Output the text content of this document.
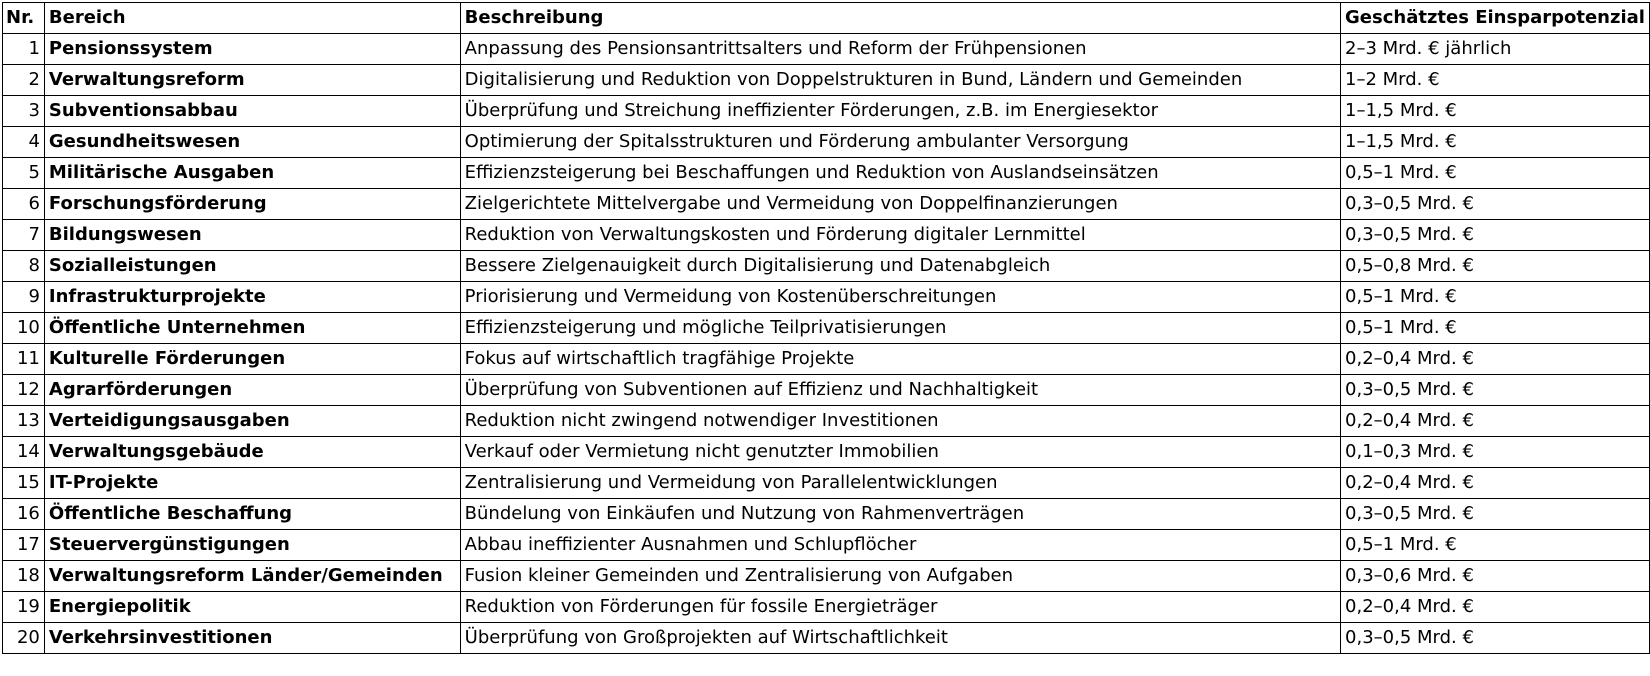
Nr.	Bereich	Beschreibung	Geschätztes Einsparpotenzial
1	Pensionssystem	Anpassung des Pensionsantrittsalters und Reform der Frühpensionen	2–3 Mrd. € jährlich
2	Verwaltungsreform	Digitalisierung und Reduktion von Doppelstrukturen in Bund, Ländern und Gemeinden	1–2 Mrd. €
3	Subventionsabbau	Überprüfung und Streichung ineffizienter Förderungen, z.B. im Energiesektor	1–1,5 Mrd. €
4	Gesundheitswesen	Optimierung der Spitalsstrukturen und Förderung ambulanter Versorgung	1–1,5 Mrd. €
5	Militärische Ausgaben	Effizienzsteigerung bei Beschaffungen und Reduktion von Auslandseinsätzen	0,5–1 Mrd. €
6	Forschungsförderung	Zielgerichtete Mittelvergabe und Vermeidung von Doppelfinanzierungen	0,3–0,5 Mrd. €
7	Bildungswesen	Reduktion von Verwaltungskosten und Förderung digitaler Lernmittel	0,3–0,5 Mrd. €
8	Sozialleistungen	Bessere Zielgenauigkeit durch Digitalisierung und Datenabgleich	0,5–0,8 Mrd. €
9	Infrastrukturprojekte	Priorisierung und Vermeidung von Kostenüberschreitungen	0,5–1 Mrd. €
10	Öffentliche Unternehmen	Effizienzsteigerung und mögliche Teilprivatisierungen	0,5–1 Mrd. €
11	Kulturelle Förderungen	Fokus auf wirtschaftlich tragfähige Projekte	0,2–0,4 Mrd. €
12	Agrarförderungen	Überprüfung von Subventionen auf Effizienz und Nachhaltigkeit	0,3–0,5 Mrd. €
13	Verteidigungsausgaben	Reduktion nicht zwingend notwendiger Investitionen	0,2–0,4 Mrd. €
14	Verwaltungsgebäude	Verkauf oder Vermietung nicht genutzter Immobilien	0,1–0,3 Mrd. €
15	IT-Projekte	Zentralisierung und Vermeidung von Parallelentwicklungen	0,2–0,4 Mrd. €
16	Öffentliche Beschaffung	Bündelung von Einkäufen und Nutzung von Rahmenverträgen	0,3–0,5 Mrd. €
17	Steuervergünstigungen	Abbau ineffizienter Ausnahmen und Schlupflöcher	0,5–1 Mrd. €
18	Verwaltungsreform Länder/Gemeinden	Fusion kleiner Gemeinden und Zentralisierung von Aufgaben	0,3–0,6 Mrd. €
19	Energiepolitik	Reduktion von Förderungen für fossile Energieträger	0,2–0,4 Mrd. €
20	Verkehrsinvestitionen	Überprüfung von Großprojekten auf Wirtschaftlichkeit	0,3–0,5 Mrd. €
